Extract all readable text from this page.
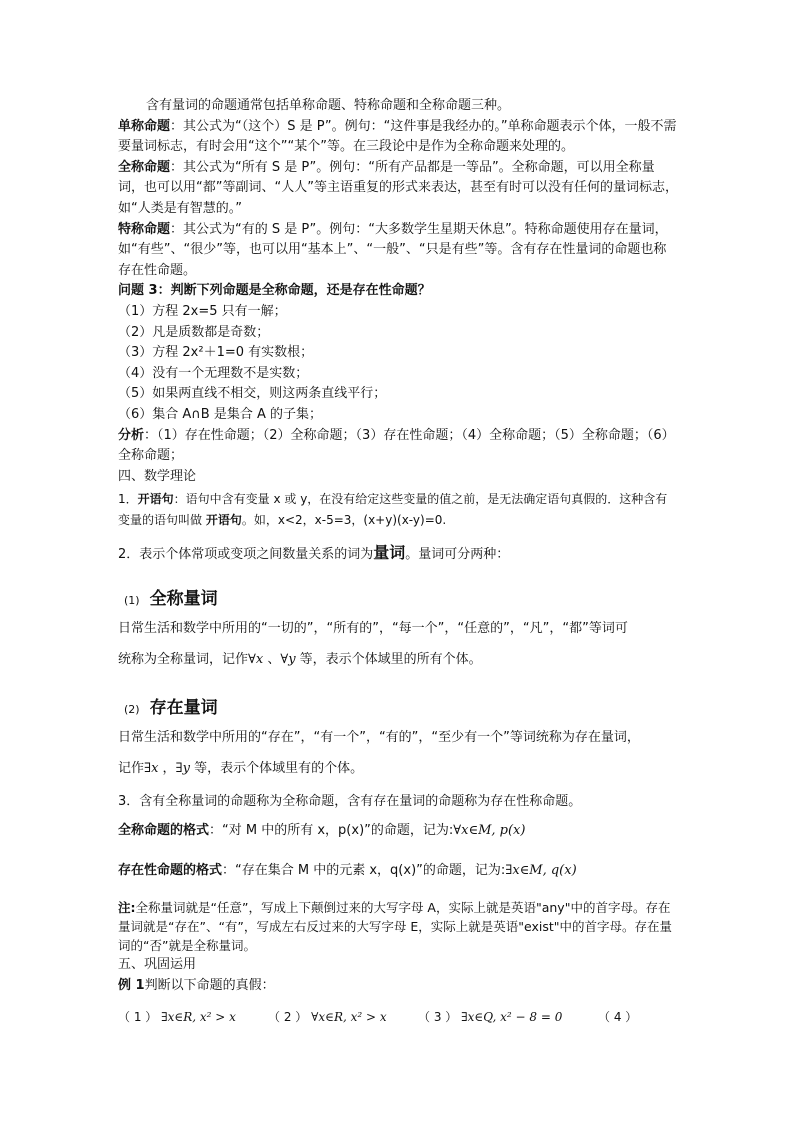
含有量词的命题通常包括单称命题、特称命题和全称命题三种。

单称命题：其公式为“（这个）S 是 P”。例句：“这件事是我经办的。”单称命题表示个体，一般不需要量词标志，有时会用“这个”“某个”等。在三段论中是作为全称命题来处理的。

全称命题：其公式为“所有 S 是 P”。例句：“所有产品都是一等品”。全称命题，可以用全称量词，也可以用“都”等副词、“人人”等主语重复的形式来表达，甚至有时可以没有任何的量词标志，如“人类是有智慧的。”

特称命题：其公式为“有的 S 是 P”。例句：“大多数学生星期天休息”。特称命题使用存在量词，如“有些”、“很少”等，也可以用“基本上”、“一般”、“只是有些”等。含有存在性量词的命题也称存在性命题。

问题 3：判断下列命题是全称命题，还是存在性命题？

（1）方程 2x=5 只有一解；

（2）凡是质数都是奇数；

（3）方程 2x²＋1=0 有实数根；

（4）没有一个无理数不是实数；

（5）如果两直线不相交，则这两条直线平行；

（6）集合 A∩B 是集合 A 的子集；

分析：（1）存在性命题；（2）全称命题；（3）存在性命题；（4）全称命题；（5）全称命题；（6）全称命题；

四、数学理论

1．开语句：语句中含有变量 x 或 y，在没有给定这些变量的值之前，是无法确定语句真假的．这种含有变量的语句叫做 开语句。如，x<2，x-5=3，(x+y)(x-y)=0.

2．表示个体常项或变项之间数量关系的词为量词。量词可分两种：

(1) 全称量词
日常生活和数学中所用的“一切的”，“所有的”，“每一个”，“任意的”，“凡”，“都”等词可
统称为全称量词，记作∀x 、∀y 等，表示个体域里的所有个体。
(2) 存在量词
日常生活和数学中所用的“存在”，“有一个”，“有的”，“至少有一个”等词统称为存在量词，
记作∃x ，∃y 等，表示个体域里有的个体。

3．含有全称量词的命题称为全称命题，含有存在量词的命题称为存在性称命题。

全称命题的格式：“对 M 中的所有 x，p(x)”的命题，记为:∀x∈M, p(x)

存在性命题的格式：“存在集合 M 中的元素 x，q(x)”的命题，记为:∃x∈M, q(x)

注:全称量词就是“任意”，写成上下颠倒过来的大写字母 A，实际上就是英语"any"中的首字母。存在量词就是“存在”、“有”，写成左右反过来的大写字母 E，实际上就是英语"exist"中的首字母。存在量词的“否”就是全称量词。

五、巩固运用

例 1判断以下命题的真假：

（ 1 ） ∃x∈R, x² > x	（ 2 ） ∀x∈R, x² > x	（ 3 ） ∃x∈Q, x² − 8 = 0	（ 4 ）
